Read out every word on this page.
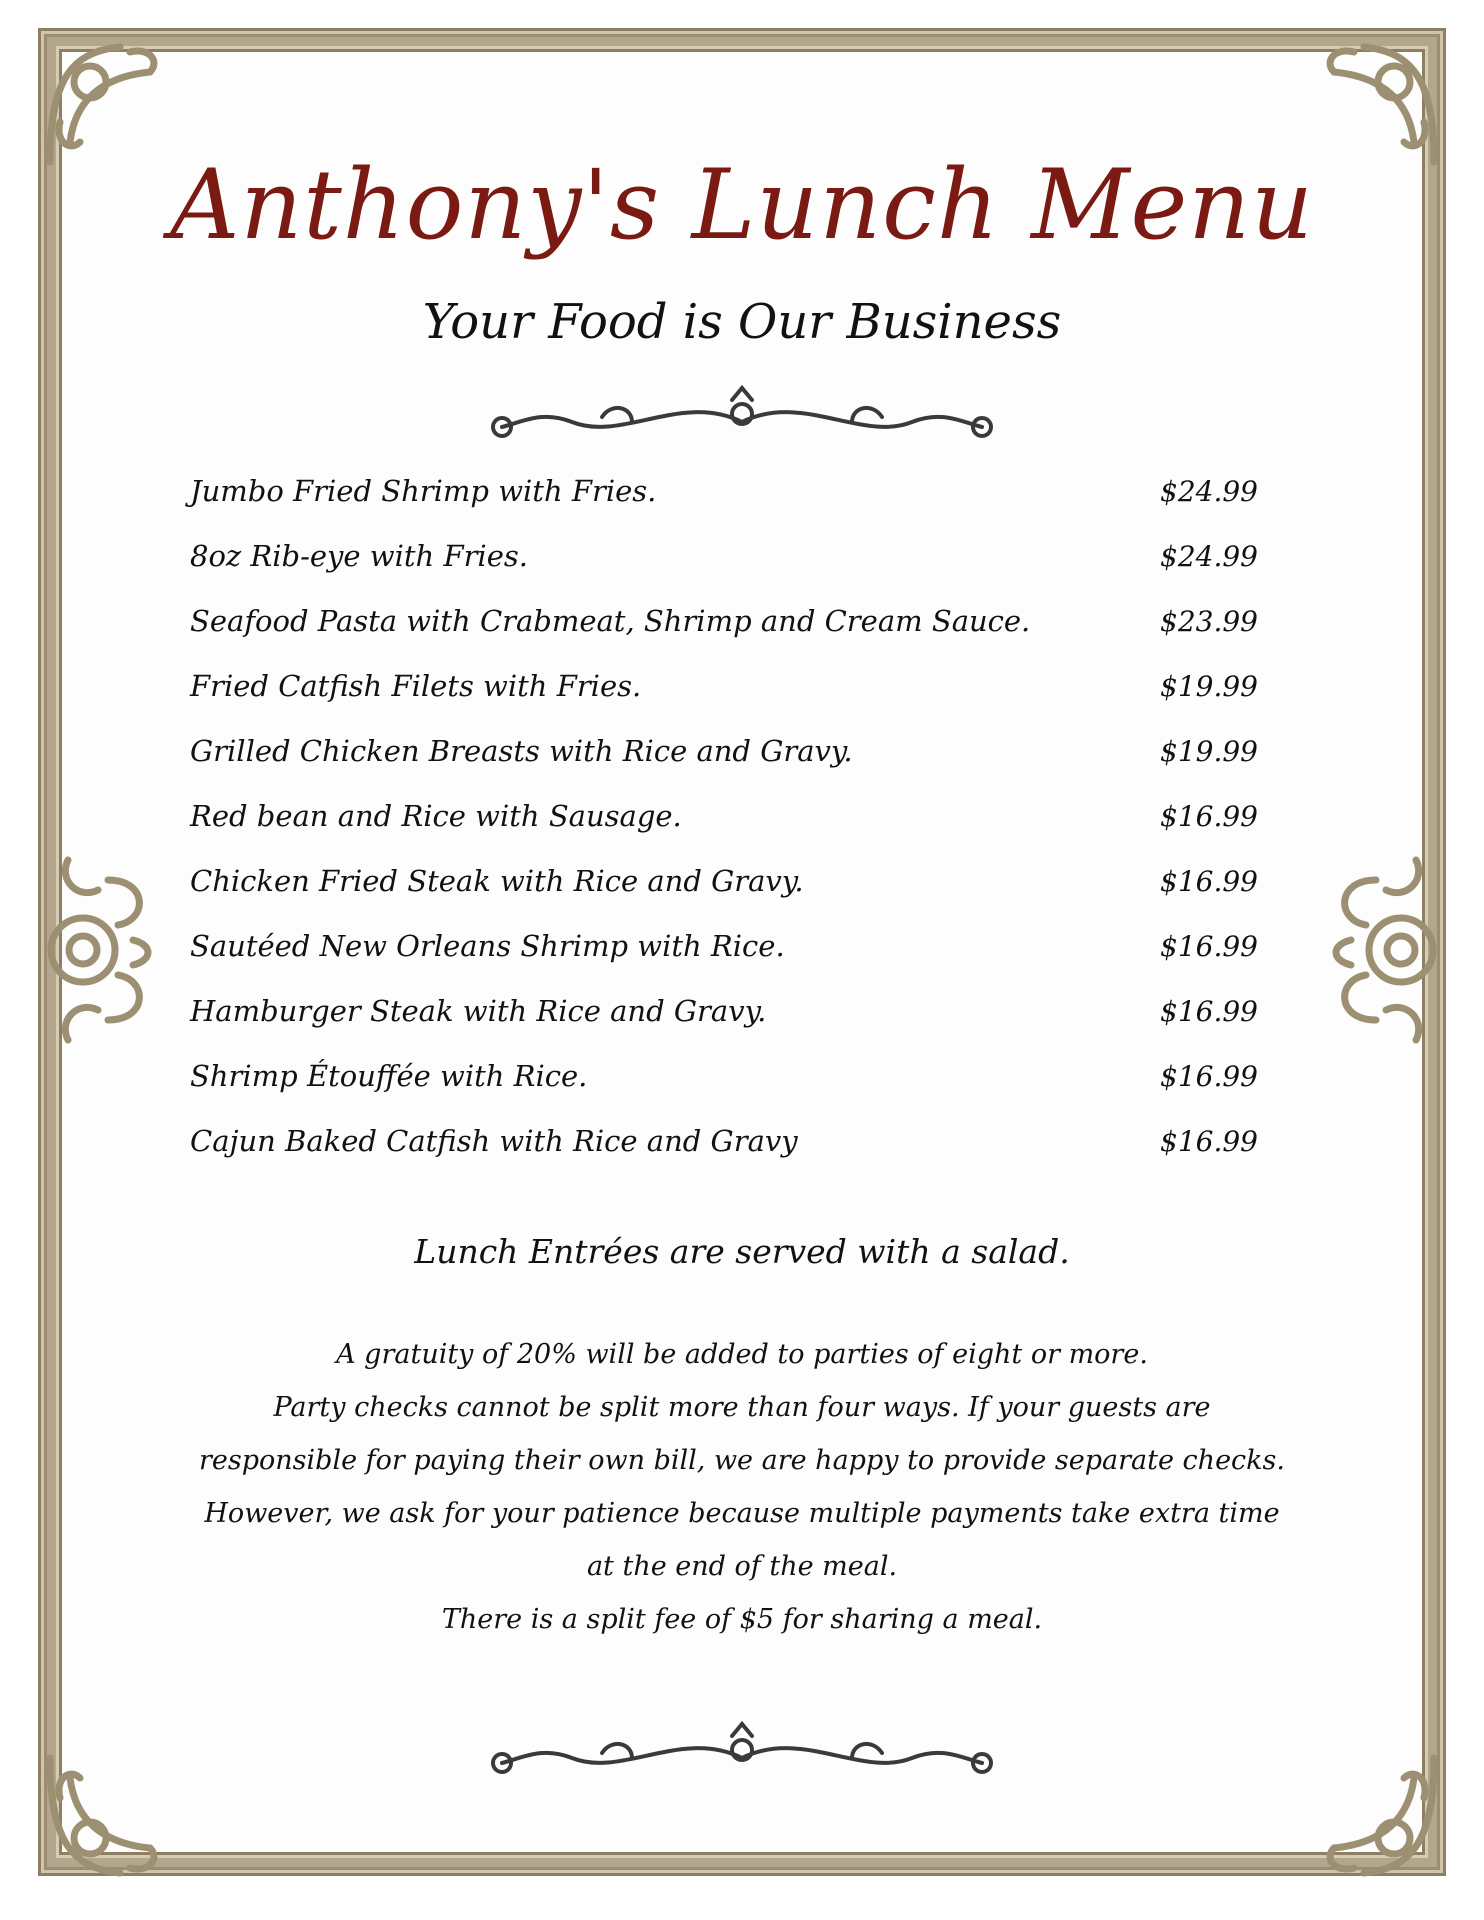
Anthony's Lunch Menu
Your Food is Our Business
Jumbo Fried Shrimp with Fries.	$24.99
8oz Rib-eye with Fries.	$24.99
Seafood Pasta with Crabmeat, Shrimp and Cream Sauce.	$23.99
Fried Catfish Filets with Fries.	$19.99
Grilled Chicken Breasts with Rice and Gravy.	$19.99
Red bean and Rice with Sausage.	$16.99
Chicken Fried Steak with Rice and Gravy.	$16.99
Sautéed New Orleans Shrimp with Rice.	$16.99
Hamburger Steak with Rice and Gravy.	$16.99
Shrimp Étouffée with Rice.	$16.99
Cajun Baked Catfish with Rice and Gravy	$16.99
Lunch Entrées are served with a salad.
A gratuity of 20% will be added to parties of eight or more.
Party checks cannot be split more than four ways. If your guests are
responsible for paying their own bill, we are happy to provide separate checks.
However, we ask for your patience because multiple payments take extra time
at the end of the meal.
There is a split fee of $5 for sharing a meal.
